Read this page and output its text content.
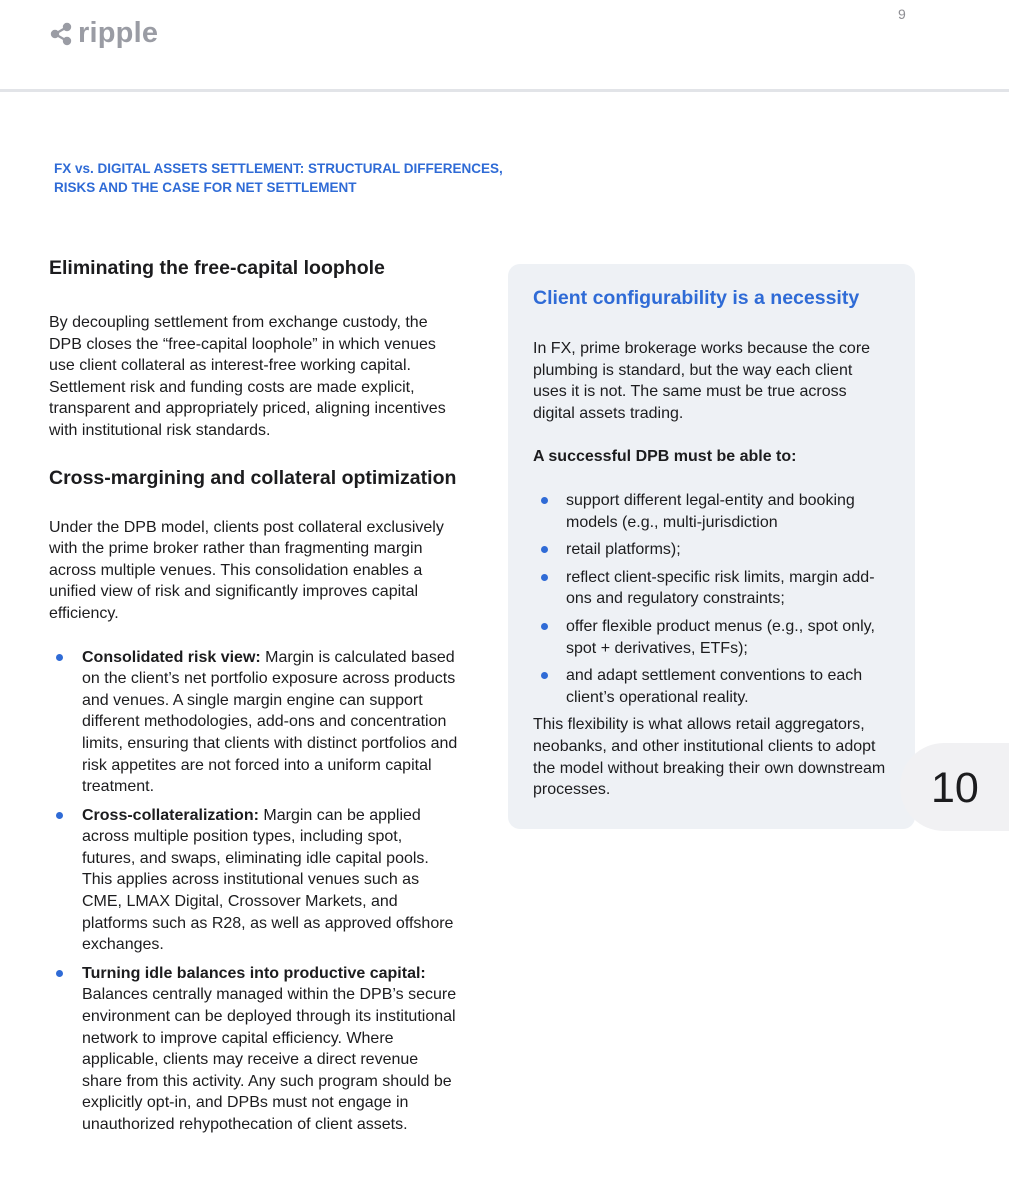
ripple
9
FX vs. DIGITAL ASSETS SETTLEMENT: STRUCTURAL DIFFERENCES,
RISKS AND THE CASE FOR NET SETTLEMENT
Eliminating the free-capital loophole

By decoupling settlement from exchange custody, the DPB closes the “free-capital loophole” in which venues use client collateral as interest-free working capital. Settlement risk and funding costs are made explicit, transparent and appropriately priced, aligning incentives with institutional risk standards.

Cross-margining and collateral optimization

Under the DPB model, clients post collateral exclusively with the prime broker rather than fragmenting margin across multiple venues. This consolidation enables a unified view of risk and significantly improves capital efficiency.

Consolidated risk view: Margin is calculated based on the client’s net portfolio exposure across products and venues. A single margin engine can support different methodologies, add-ons and concentration limits, ensuring that clients with distinct portfolios and risk appetites are not forced into a uniform capital treatment.
Cross-collateralization: Margin can be applied across multiple position types, including spot, futures, and swaps, eliminating idle capital pools. This applies across institutional venues such as CME, LMAX Digital, Crossover Markets, and platforms such as R28, as well as approved offshore exchanges.
Turning idle balances into productive capital: Balances centrally managed within the DPB’s secure environment can be deployed through its institutional network to improve capital efficiency. Where applicable, clients may receive a direct revenue share from this activity. Any such program should be explicitly opt-in, and DPBs must not engage in unauthorized rehypothecation of client assets.
Client configurability is a necessity

In FX, prime brokerage works because the core plumbing is standard, but the way each client uses it is not. The same must be true across digital assets trading.

A successful DPB must be able to:

support different legal-entity and booking models (e.g., multi-jurisdiction
retail platforms);
reflect client-specific risk limits, margin add-ons and regulatory constraints;
offer flexible product menus (e.g., spot only, spot + derivatives, ETFs);
and adapt settlement conventions to each client’s operational reality.

This flexibility is what allows retail aggregators, neobanks, and other institutional clients to adopt the model without breaking their own downstream processes.	10
